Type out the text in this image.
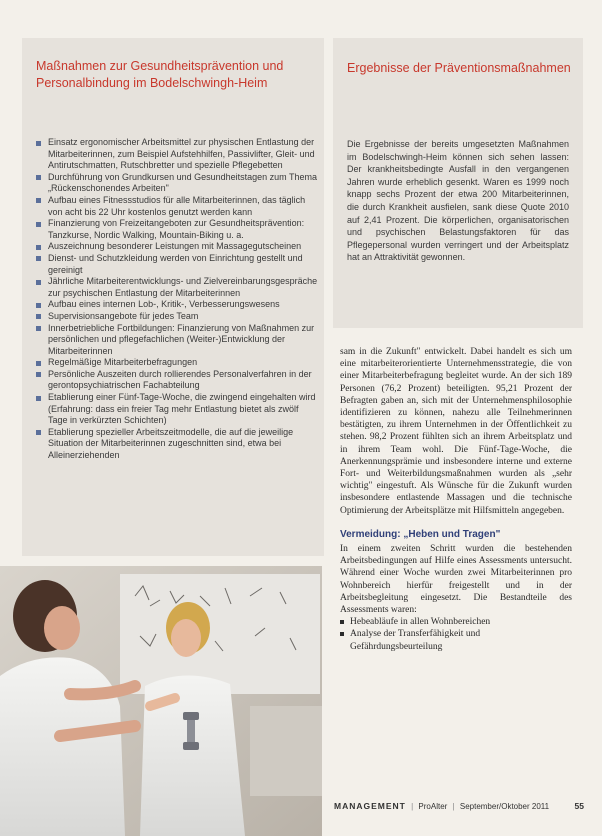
Maßnahmen zur Gesundheitsprävention und Personalbindung im Bodelschwingh-Heim
Einsatz ergonomischer Arbeitsmittel zur physischen Entlastung der Mitarbeiterinnen, zum Beispiel Aufstehhilfen, Passivlifter, Gleit- und Antirutschmatten, Rutschbretter und spezielle Pflegebetten
Durchführung von Grundkursen und Gesundheitstagen zum Thema „Rückenschonendes Arbeiten"
Aufbau eines Fitnessstudios für alle Mitarbeiterinnen, das täglich von acht bis 22 Uhr kostenlos genutzt werden kann
Finanzierung von Freizeitangeboten zur Gesundheitsprävention: Tanzkurse, Nordic Walking, Mountain-Biking u. a.
Auszeichnung besonderer Leistungen mit Massagegutscheinen
Dienst- und Schutzkleidung werden von Einrichtung gestellt und gereinigt
Jährliche Mitarbeiterentwicklungs- und Zielvereinbarungsgespräche zur psychischen Entlastung der Mitarbeiterinnen
Aufbau eines internen Lob-, Kritik-, Verbesserungswesens
Supervisionsangebote für jedes Team
Innerbetriebliche Fortbildungen: Finanzierung von Maßnahmen zur persönlichen und pflegefachlichen (Weiter-)Entwicklung der Mitarbeiterinnen
Regelmäßige Mitarbeiterbefragungen
Persönliche Auszeiten durch rollierendes Personalverfahren in der gerontopsychiatrischen Fachabteilung
Etablierung einer Fünf-Tage-Woche, die zwingend eingehalten wird (Erfahrung: dass ein freier Tag mehr Entlastung bietet als zwölf Tage in verkürzten Schichten)
Etablierung spezieller Arbeitszeitmodelle, die auf die jeweilige Situation der Mitarbeiterinnen zugeschnitten sind, etwa bei Alleinerziehenden
Ergebnisse der Präventionsmaßnahmen

Die Ergebnisse der bereits umgesetzten Maßnahmen im Bodelschwingh-Heim können sich sehen lassen: Der krankheitsbedingte Ausfall in den vergangenen Jahren wurde erheblich gesenkt. Waren es 1999 noch knapp sechs Prozent der etwa 200 Mitarbeiterinnen, die durch Krankheit ausfielen, sank diese Quote 2010 auf 2,41 Prozent. Die körperlichen, organisatorischen und psychischen Belastungsfaktoren für das Pflegepersonal wurden verringert und der Arbeitsplatz hat an Attraktivität gewonnen.

sam in die Zukunft" entwickelt. Dabei handelt es sich um eine mitarbeiterorientierte Unternehmensstrategie, die von einer Mitarbeiterbefragung begleitet wurde. An der sich 189 Personen (76,2 Prozent) beteiligten. 95,21 Prozent der Befragten gaben an, sich mit der Unternehmensphilosophie identifizieren zu können, nahezu alle Teilnehmerinnen bestätigten, zu ihrem Unternehmen in der Öffentlichkeit zu stehen. 98,2 Prozent fühlten sich an ihrem Arbeitsplatz und in ihrem Team wohl. Die Fünf-Tage-Woche, die Anerkennungsprämie und insbesondere interne und externe Fort- und Weiterbildungsmaßnahmen wurden als „sehr wichtig" eingestuft. Als Wünsche für die Zukunft wurden insbesondere entlastende Massagen und die technische Optimierung der Arbeitsplätze mit Hilfsmitteln angegeben.

Vermeidung: „Heben und Tragen"

In einem zweiten Schritt wurden die bestehenden Arbeitsbedingungen auf Hilfe eines Assessments untersucht. Während einer Woche wurden zwei Mitarbeiterinnen pro Wohnbereich hierfür freigestellt und in der Arbeitsbegleitung eingesetzt. Die Bestandteile des Assessments waren:

Hebeabläufe in allen Wohnbereichen
Analyse der Transferfähigkeit und Gefährdungsbeurteilung
MANAGEMENT | ProAlter | September/Oktober 2011	55
